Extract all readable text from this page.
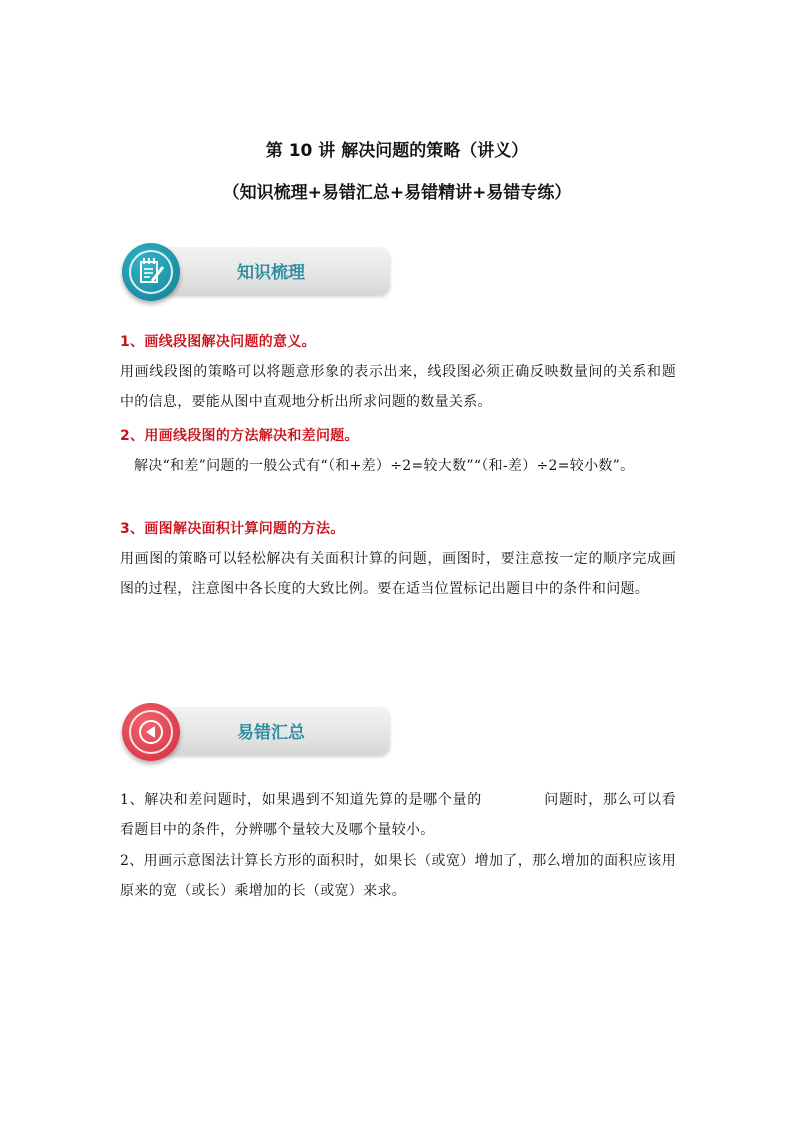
第 10 讲 解决问题的策略（讲义）
（知识梳理+易错汇总+易错精讲+易错专练）
知识梳理
1、画线段图解决问题的意义。
用画线段图的策略可以将题意形象的表示出来，线段图必须正确反映数量间的关系和题中的信息，要能从图中直观地分析出所求问题的数量关系。
2、用画线段图的方法解决和差问题。
解决“和差”问题的一般公式有“（和+差）÷2=较大数”“（和-差）÷2=较小数”。
3、画图解决面积计算问题的方法。
用画图的策略可以轻松解决有关面积计算的问题，画图时，要注意按一定的顺序完成画图的过程，注意图中各长度的大致比例。要在适当位置标记出题目中的条件和问题。
易错汇总
1、解决和差问题时，如果遇到不知道先算的是哪个量的	问题时，那么可以看看题目中的条件，分辨哪个量较大及哪个量较小。
2、用画示意图法计算长方形的面积时，如果长（或宽）增加了，那么增加的面积应该用原来的宽（或长）乘增加的长（或宽）来求。
